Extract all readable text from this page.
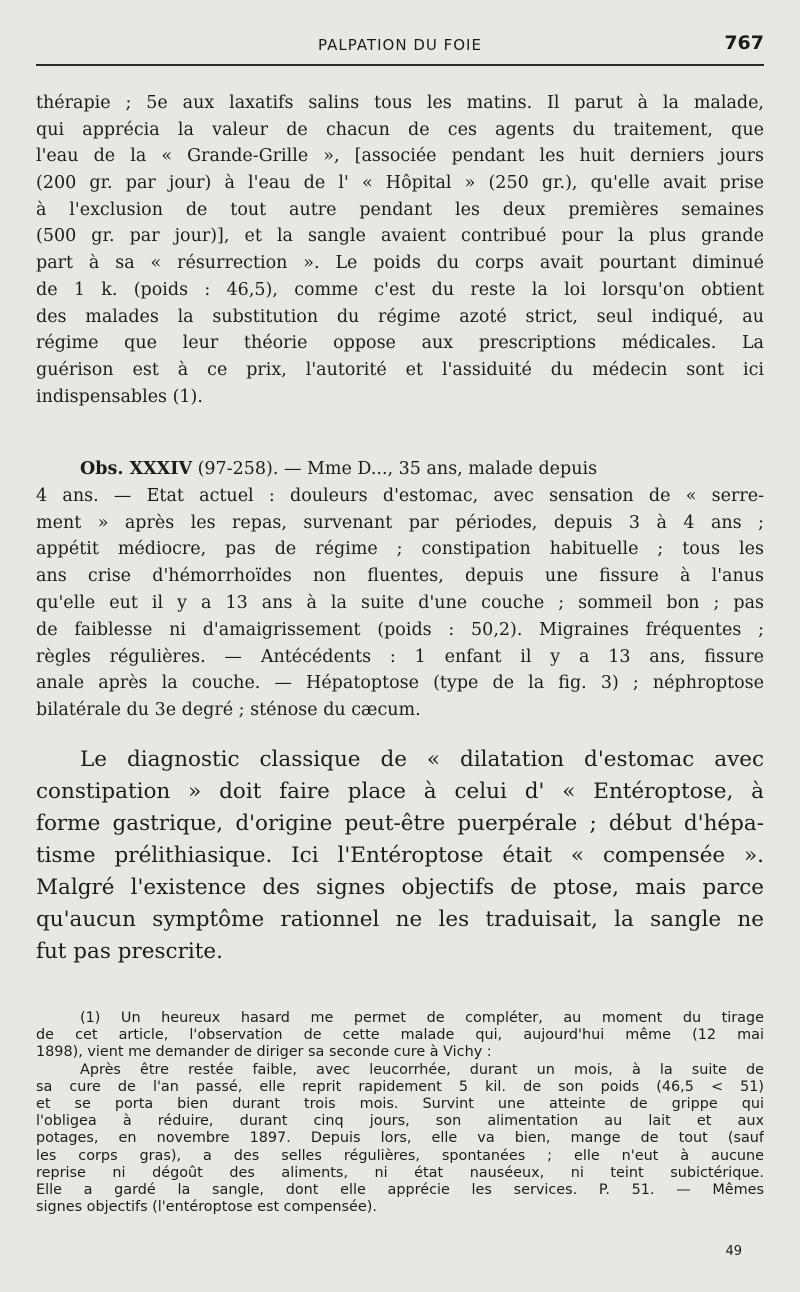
PALPATION DU FOIE	767
thérapie ; 5e aux laxatifs salins tous les matins. Il parut à la malade,
qui apprécia la valeur de chacun de ces agents du traitement, que
l'eau de la « Grande-Grille », [associée pendant les huit derniers jours
(200 gr. par jour) à l'eau de l' « Hôpital » (250 gr.), qu'elle avait prise
à l'exclusion de tout autre pendant les deux premières semaines
(500 gr. par jour)], et la sangle avaient contribué pour la plus grande
part à sa « résurrection ». Le poids du corps avait pourtant diminué
de 1 k. (poids : 46,5), comme c'est du reste la loi lorsqu'on obtient
des malades la substitution du régime azoté strict, seul indiqué, au
régime que leur théorie oppose aux prescriptions médicales. La
guérison est à ce prix, l'autorité et l'assiduité du médecin sont ici
indispensables (1).
Obs. XXXIV (97-258). — Mme D..., 35 ans, malade depuis
4 ans. — Etat actuel : douleurs d'estomac, avec sensation de « serre-
ment » après les repas, survenant par périodes, depuis 3 à 4 ans ;
appétit médiocre, pas de régime ; constipation habituelle ; tous les
ans crise d'hémorrhoïdes non fluentes, depuis une fissure à l'anus
qu'elle eut il y a 13 ans à la suite d'une couche ; sommeil bon ; pas
de faiblesse ni d'amaigrissement (poids : 50,2). Migraines fréquentes ;
règles régulières. — Antécédents : 1 enfant il y a 13 ans, fissure
anale après la couche. — Hépatoptose (type de la fig. 3) ; néphroptose
bilatérale du 3e degré ; sténose du cæcum.
Le diagnostic classique de « dilatation d'estomac avec
constipation » doit faire place à celui d' « Entéroptose, à
forme gastrique, d'origine peut-être puerpérale ; début d'hépa-
tisme prélithiasique. Ici l'Entéroptose était « compensée ».
Malgré l'existence des signes objectifs de ptose, mais parce
qu'aucun symptôme rationnel ne les traduisait, la sangle ne
fut pas prescrite.
(1) Un heureux hasard me permet de compléter, au moment du tirage
de cet article, l'observation de cette malade qui, aujourd'hui même (12 mai
1898), vient me demander de diriger sa seconde cure à Vichy :
Après être restée faible, avec leucorrhée, durant un mois, à la suite de
sa cure de l'an passé, elle reprit rapidement 5 kil. de son poids (46,5 < 51)
et se porta bien durant trois mois. Survint une atteinte de grippe qui
l'obligea à réduire, durant cinq jours, son alimentation au lait et aux
potages, en novembre 1897. Depuis lors, elle va bien, mange de tout (sauf
les corps gras), a des selles régulières, spontanées ; elle n'eut à aucune
reprise ni dégoût des aliments, ni état nauséeux, ni teint subictérique.
Elle a gardé la sangle, dont elle apprécie les services. P. 51. — Mêmes
signes objectifs (l'entéroptose est compensée).
49
